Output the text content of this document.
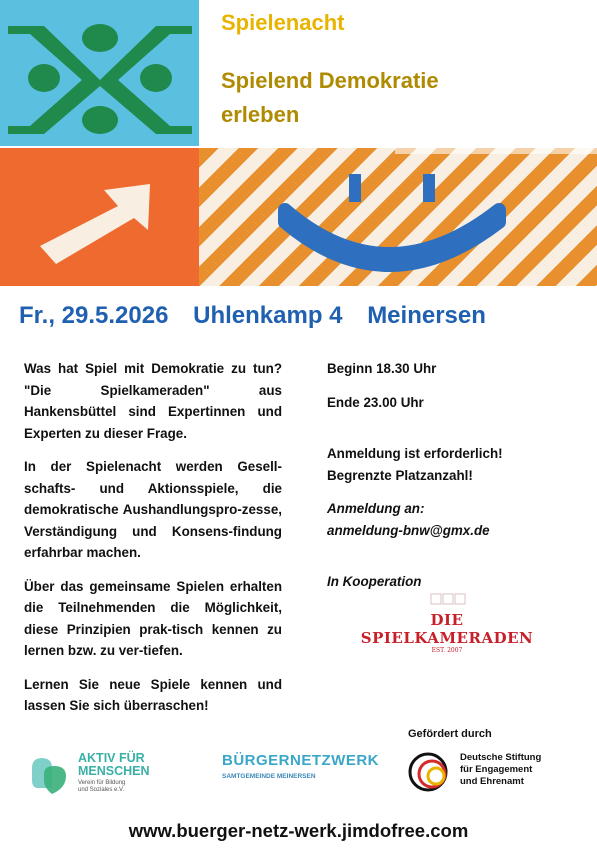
Spielenacht
Spielend Demokratie
erleben
Fr., 29.5.2026 Uhlenkamp 4 Meinersen

Was hat Spiel mit Demokratie zu tun? "Die Spielkameraden" aus Hankensbüttel sind Expertinnen und Experten zu dieser Frage.

In der Spielenacht werden Gesell-schafts- und Aktionsspiele, die demokratische Aushandlungspro-zesse, Verständigung und Konsens-findung erfahrbar machen.

Über das gemeinsame Spielen erhalten die Teilnehmenden die Möglichkeit, diese Prinzipien prak-tisch kennen zu lernen bzw. zu ver-tiefen.

Lernen Sie neue Spiele kennen und lassen Sie sich überraschen!

Beginn 18.30 Uhr
Ende 23.00 Uhr
Anmeldung ist erforderlich!
Begrenzte Platzanzahl!
Anmeldung an:
anmeldung-bnw@gmx.de
In Kooperation
DIE SPIELKAMERADEN
EST. 2007
AKTIV FÜR
MENSCHEN
Verein für Bildung
und Soziales e.V.
BÜRGERNETZWERK
SAMTGEMEINDE MEINERSEN
Gefördert durch
Deutsche Stiftung
für Engagement
und Ehrenamt
www.buerger-netz-werk.jimdofree.com
